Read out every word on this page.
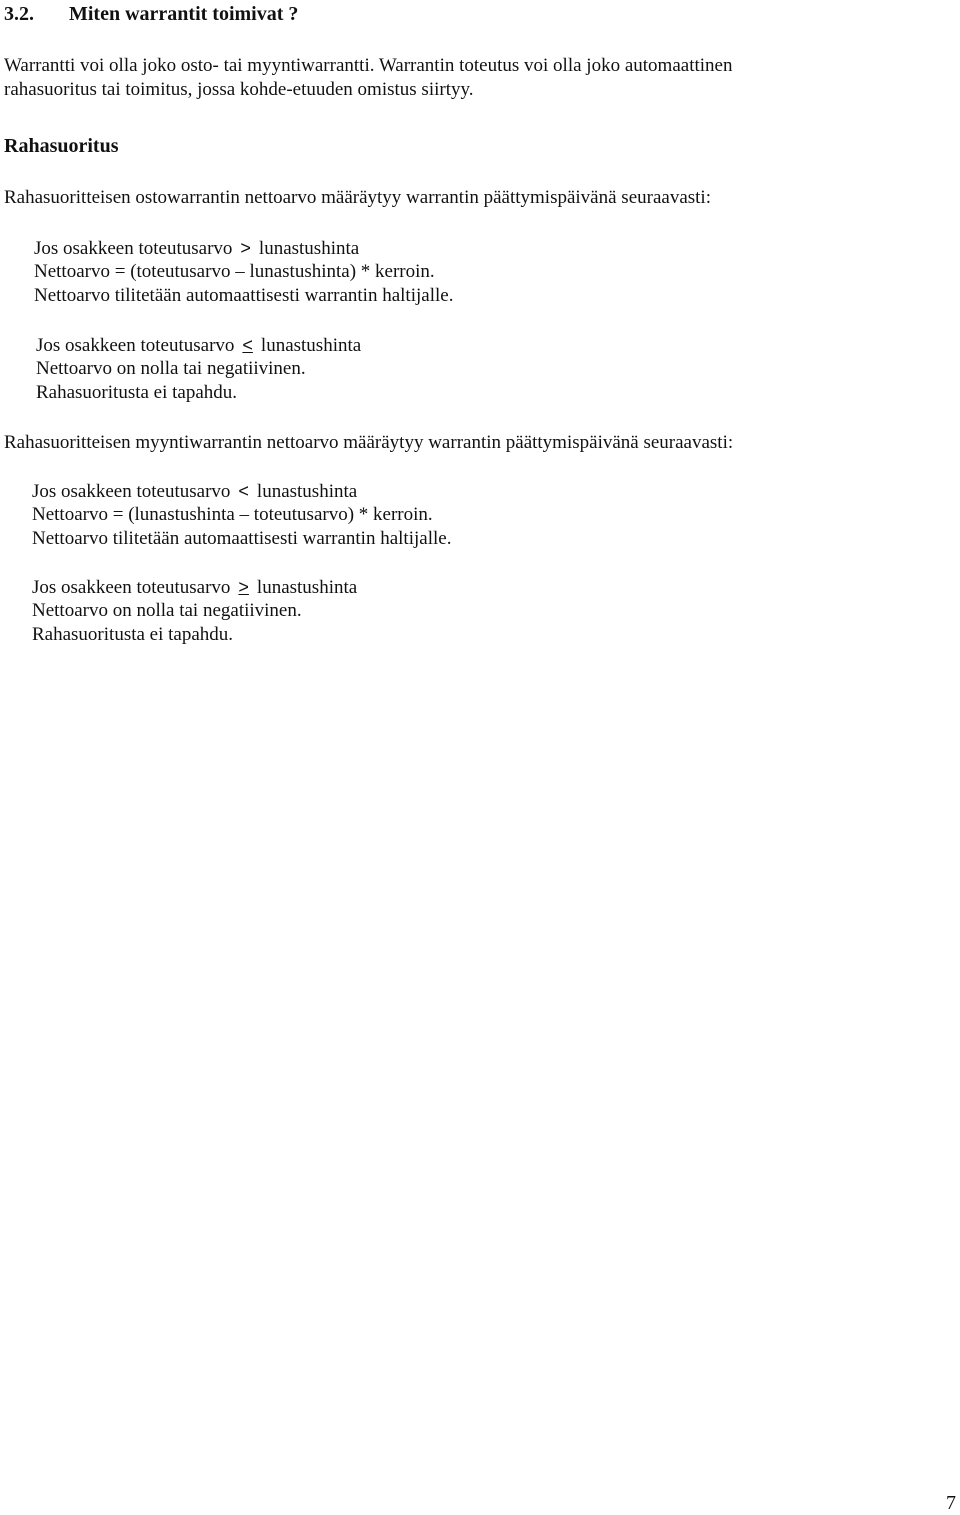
3.2. Miten warrantit toimivat ?
Warrantti voi olla joko osto- tai myyntiwarrantti. Warrantin toteutus voi olla joko automaattinen
rahasuoritus tai toimitus, jossa kohde-etuuden omistus siirtyy.
Rahasuoritus
Rahasuoritteisen ostowarrantin nettoarvo määräytyy warrantin päättymispäivänä seuraavasti:
Jos osakkeen toteutusarvo > lunastushinta
Nettoarvo = (toteutusarvo – lunastushinta) * kerroin.
Nettoarvo tilitetään automaattisesti warrantin haltijalle.
Jos osakkeen toteutusarvo < lunastushinta
Nettoarvo on nolla tai negatiivinen.
Rahasuoritusta ei tapahdu.
Rahasuoritteisen myyntiwarrantin nettoarvo määräytyy warrantin päättymispäivänä seuraavasti:
Jos osakkeen toteutusarvo < lunastushinta
Nettoarvo = (lunastushinta – toteutusarvo) * kerroin.
Nettoarvo tilitetään automaattisesti warrantin haltijalle.
Jos osakkeen toteutusarvo > lunastushinta
Nettoarvo on nolla tai negatiivinen.
Rahasuoritusta ei tapahdu.
7
